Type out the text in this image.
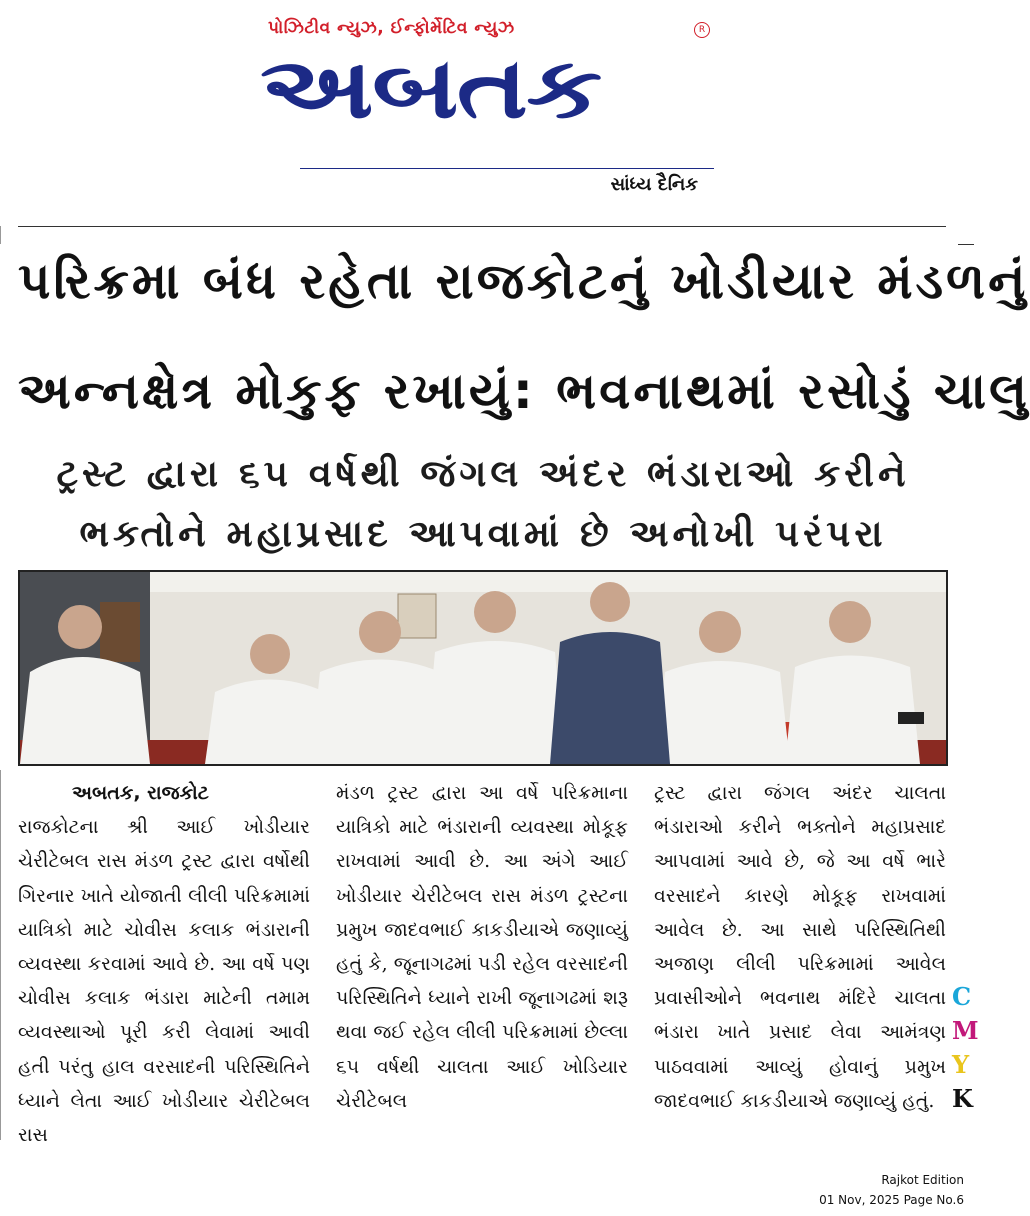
પોઝિટીવ ન્યુઝ, ઈન્ફોર્મેટિવ ન્યુઝ	R
અબતક
સાંધ્ય દૈનિક
પરિક્રમા બંધ રહેતા રાજકોટનું ખોડીયાર મંડળનું
અન્નક્ષેત્ર મોકુફ રખાયું: ભવનાથમાં રસોડું ચાલુ
ટ્રસ્ટ દ્વારા ૬૫ વર્ષથી જંગલ અંદર ભંડારાઓ કરીને
ભક્તોને મહાપ્રસાદ આપવામાં છે અનોખી પરંપરા
અબતક, રાજકોટ
રાજકોટના શ્રી આઈ ખોડીયાર ચેરીટેબલ રાસ મંડળ ટ્રસ્ટ દ્વારા વર્ષોથી ગિરનાર ખાતે યોજાતી લીલી પરિક્રમામાં યાત્રિકો માટે ચોવીસ કલાક ભંડારાની વ્યવસ્થા કરવામાં આવે છે. આ વર્ષે પણ ચોવીસ કલાક ભંડારા માટેની તમામ વ્યવસ્થાઓ પૂરી કરી લેવામાં આવી હતી પરંતુ હાલ વરસાદની પરિસ્થિતિને ધ્યાને લેતા આઈ ખોડીયાર ચેરીટેબલ રાસ
મંડળ ટ્રસ્ટ દ્વારા આ વર્ષે પરિક્રમાના યાત્રિકો માટે ભંડારાની વ્યવસ્થા મોકૂફ રાખવામાં આવી છે. આ અંગે આઈ ખોડીયાર ચેરીટેબલ રાસ મંડળ ટ્રસ્ટના પ્રમુખ જાદવભાઈ કાકડીયાએ જણાવ્યું હતું કે, જૂનાગઢમાં પડી રહેલ વરસાદની પરિસ્થિતિને ધ્યાને રાખી જૂનાગઢમાં શરૂ થવા જઈ રહેલ લીલી પરિક્રમામાં છેલ્લા ૬૫ વર્ષથી ચાલતા આઈ ખોડિયાર ચેરીટેબલ
ટ્રસ્ટ દ્વારા જંગલ અંદર ચાલતા ભંડારાઓ કરીને ભક્તોને મહાપ્રસાદ આપવામાં આવે છે, જે આ વર્ષે ભારે વરસાદને કારણે મોકૂફ રાખવામાં આવેલ છે. આ સાથે પરિસ્થિતિથી અજાણ લીલી પરિક્રમામાં આવેલ પ્રવાસીઓને ભવનાથ મંદિરે ચાલતા ભંડારા ખાતે પ્રસાદ લેવા આમંત્રણ પાઠવવામાં આવ્યું હોવાનું પ્રમુખ જાદવભાઈ કાકડીયાએ જણાવ્યું હતું.
C
M
Y
K
Rajkot Edition
01 Nov, 2025 Page No.6
